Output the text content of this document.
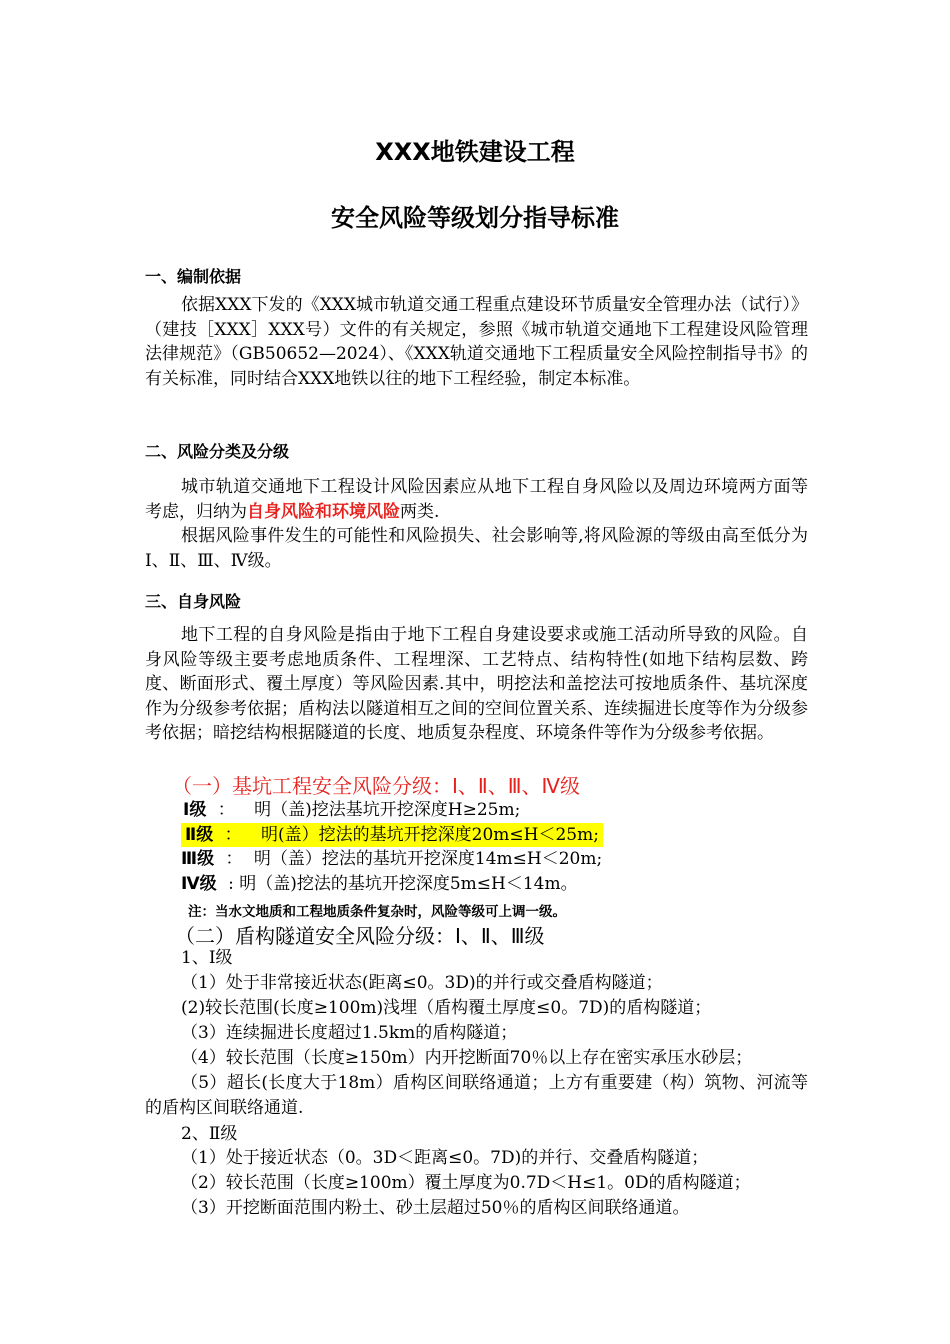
XXX地铁建设工程
安全风险等级划分指导标准
一、编制依据
依据XXX下发的《XXX城市轨道交通工程重点建设环节质量安全管理办法（试行）》（建技［XXX］XXX号）文件的有关规定，参照《城市轨道交通地下工程建设风险管理法律规范》（GB50652—2024）、《XXX轨道交通地下工程质量安全风险控制指导书》的有关标准，同时结合XXX地铁以往的地下工程经验，制定本标准。
二、风险分类及分级
城市轨道交通地下工程设计风险因素应从地下工程自身风险以及周边环境两方面等考虑，归纳为自身风险和环境风险两类.
根据风险事件发生的可能性和风险损失、社会影响等,将风险源的等级由高至低分为Ⅰ、Ⅱ、Ⅲ、Ⅳ级。
三、自身风险
地下工程的自身风险是指由于地下工程自身建设要求或施工活动所导致的风险。自身风险等级主要考虑地质条件、工程埋深、工艺特点、结构特性(如地下结构层数、跨度、断面形式、覆土厚度）等风险因素.其中，明挖法和盖挖法可按地质条件、基坑深度作为分级参考依据；盾构法以隧道相互之间的空间位置关系、连续掘进长度等作为分级参考依据；暗挖结构根据隧道的长度、地质复杂程度、环境条件等作为分级参考依据。
（一）基坑工程安全风险分级：Ⅰ、Ⅱ、Ⅲ、Ⅳ级
Ⅰ级 ： 明（盖)挖法基坑开挖深度H≥25m;
Ⅱ级 ： 明(盖）挖法的基坑开挖深度20m≤H＜25m;
Ⅲ级 ： 明（盖）挖法的基坑开挖深度14m≤H＜20m;
Ⅳ级 : 明（盖)挖法的基坑开挖深度5m≤H＜14m。
注：当水文地质和工程地质条件复杂时，风险等级可上调一级。
（二）盾构隧道安全风险分级：Ⅰ、Ⅱ、Ⅲ级
1、Ⅰ级
（1）处于非常接近状态(距离≤0。3D)的并行或交叠盾构隧道；
(2)较长范围(长度≥100m)浅埋（盾构覆土厚度≤0。7D)的盾构隧道；
（3）连续掘进长度超过1.5km的盾构隧道；
（4）较长范围（长度≥150m）内开挖断面70％以上存在密实承压水砂层；
（5）超长(长度大于18m）盾构区间联络通道；上方有重要建（构）筑物、河流等的盾构区间联络通道.
2、Ⅱ级
（1）处于接近状态（0。3D＜距离≤0。7D)的并行、交叠盾构隧道；
（2）较长范围（长度≥100m）覆土厚度为0.7D＜H≤1。0D的盾构隧道；
（3）开挖断面范围内粉土、砂土层超过50％的盾构区间联络通道。
